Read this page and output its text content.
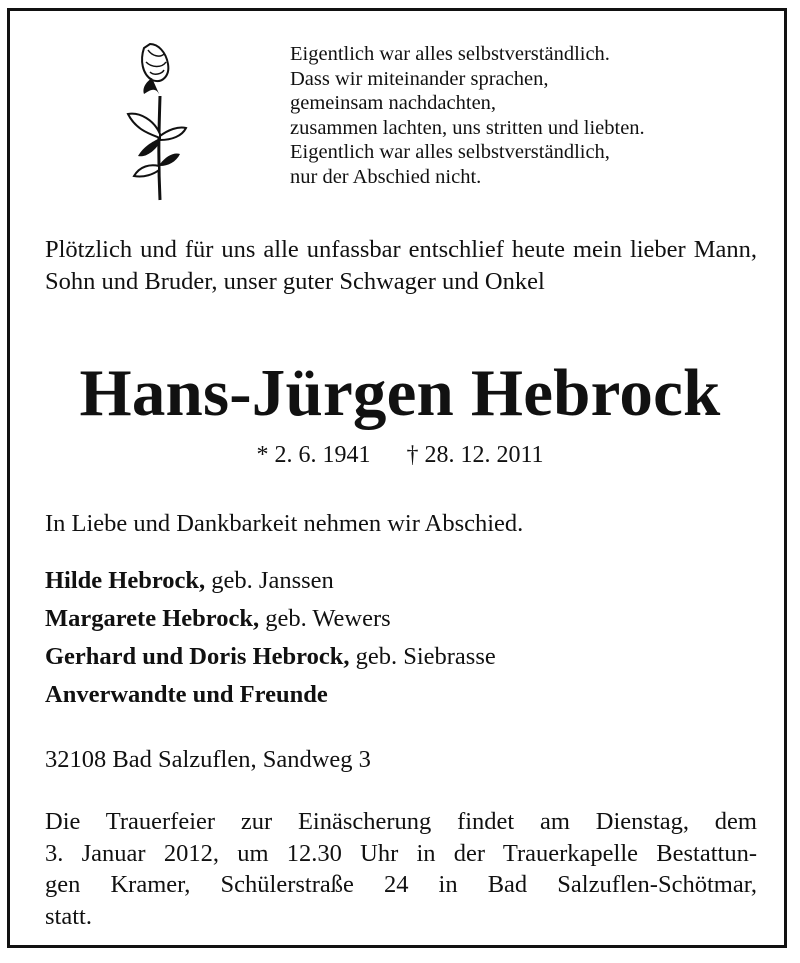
Eigentlich war alles selbstverständlich.
Dass wir miteinander sprachen,
gemeinsam nachdachten,
zusammen lachten, uns stritten und liebten.
Eigentlich war alles selbstverständlich,
nur der Abschied nicht.
Plötzlich und für uns alle unfassbar entschlief heute mein lieber Mann, Sohn und Bruder, unser guter Schwager und Onkel
Hans-Jürgen Hebrock
* 2. 6. 1941 † 28. 12. 2011
In Liebe und Dankbarkeit nehmen wir Abschied.
Hilde Hebrock, geb. Janssen
Margarete Hebrock, geb. Wewers
Gerhard und Doris Hebrock, geb. Siebrasse
Anverwandte und Freunde
32108 Bad Salzuflen, Sandweg 3
Die Trauerfeier zur Einäscherung findet am Dienstag, dem
3. Januar 2012, um 12.30 Uhr in der Trauerkapelle Bestattun-
gen Kramer, Schülerstraße 24 in Bad Salzuflen-Schötmar,
statt.
